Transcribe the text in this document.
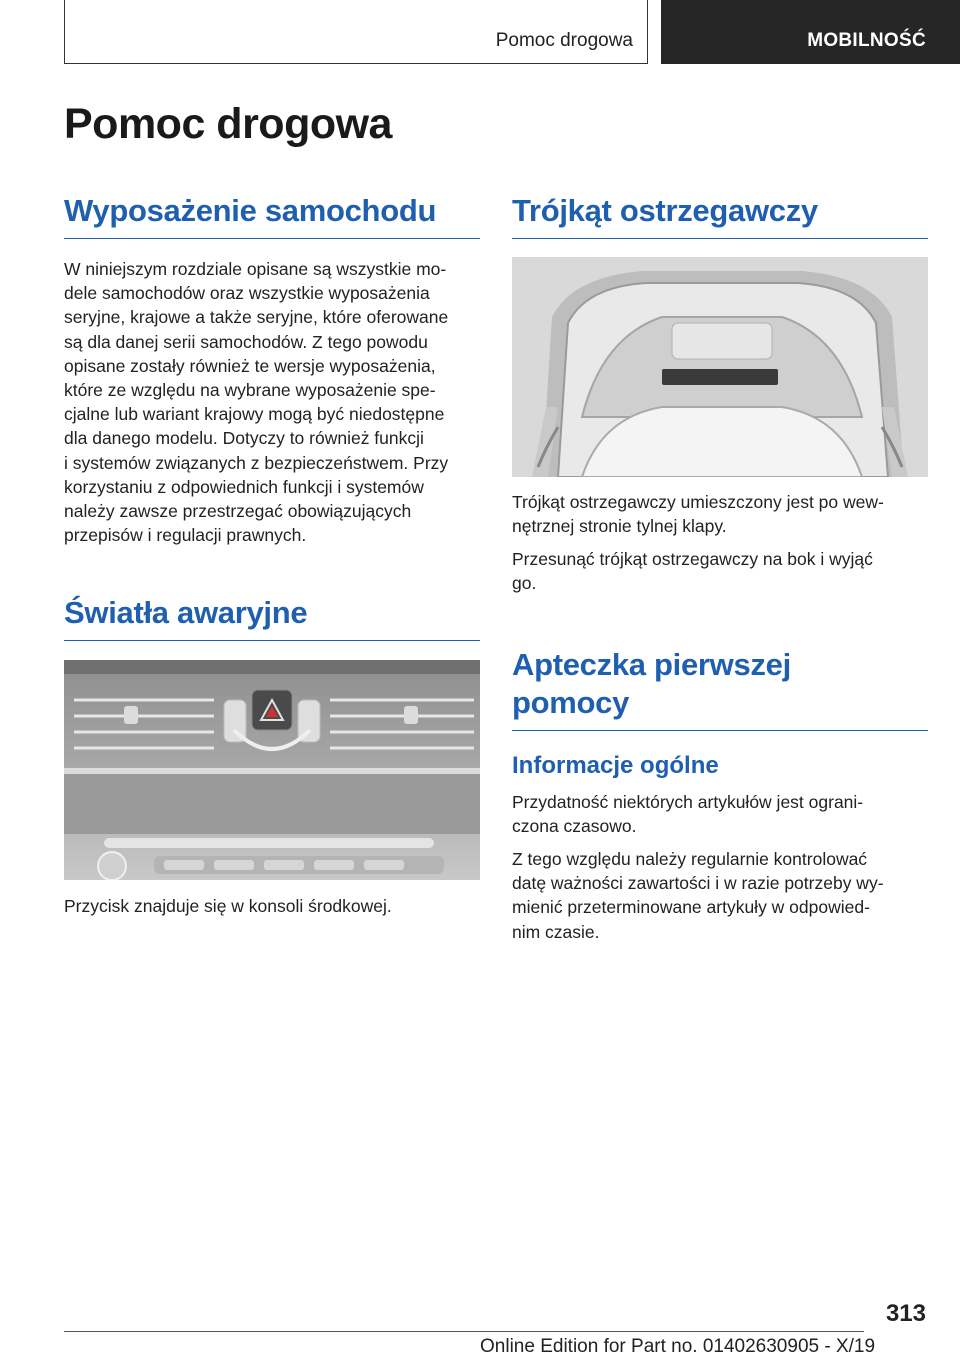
Pomoc drogowa	MOBILNOŚĆ
Pomoc drogowa
Wyposażenie samochodu
W niniejszym rozdziale opisane są wszystkie mo-
dele samochodów oraz wszystkie wyposażenia
seryjne, krajowe a także seryjne, które oferowane
są dla danej serii samochodów. Z tego powodu
opisane zostały również te wersje wyposażenia,
które ze względu na wybrane wyposażenie spe-
cjalne lub wariant krajowy mogą być niedostępne
dla danego modelu. Dotyczy to również funkcji
i systemów związanych z bezpieczeństwem. Przy
korzystaniu z odpowiednich funkcji i systemów
należy zawsze przestrzegać obowiązujących
przepisów i regulacji prawnych.
Światła awaryjne

Przycisk znajduje się w konsoli środkowej.

Trójkąt ostrzegawczy
Trójkąt ostrzegawczy umieszczony jest po wew-
nętrznej stronie tylnej klapy.
Przesunąć trójkąt ostrzegawczy na bok i wyjąć
go.
Apteczka pierwszej
pomocy
Informacje ogólne
Przydatność niektórych artykułów jest ograni-
czona czasowo.
Z tego względu należy regularnie kontrolować
datę ważności zawartości i w razie potrzeby wy-
mienić przeterminowane artykuły w odpowied-
nim czasie.
313
Online Edition for Part no. 01402630905 - X/19
